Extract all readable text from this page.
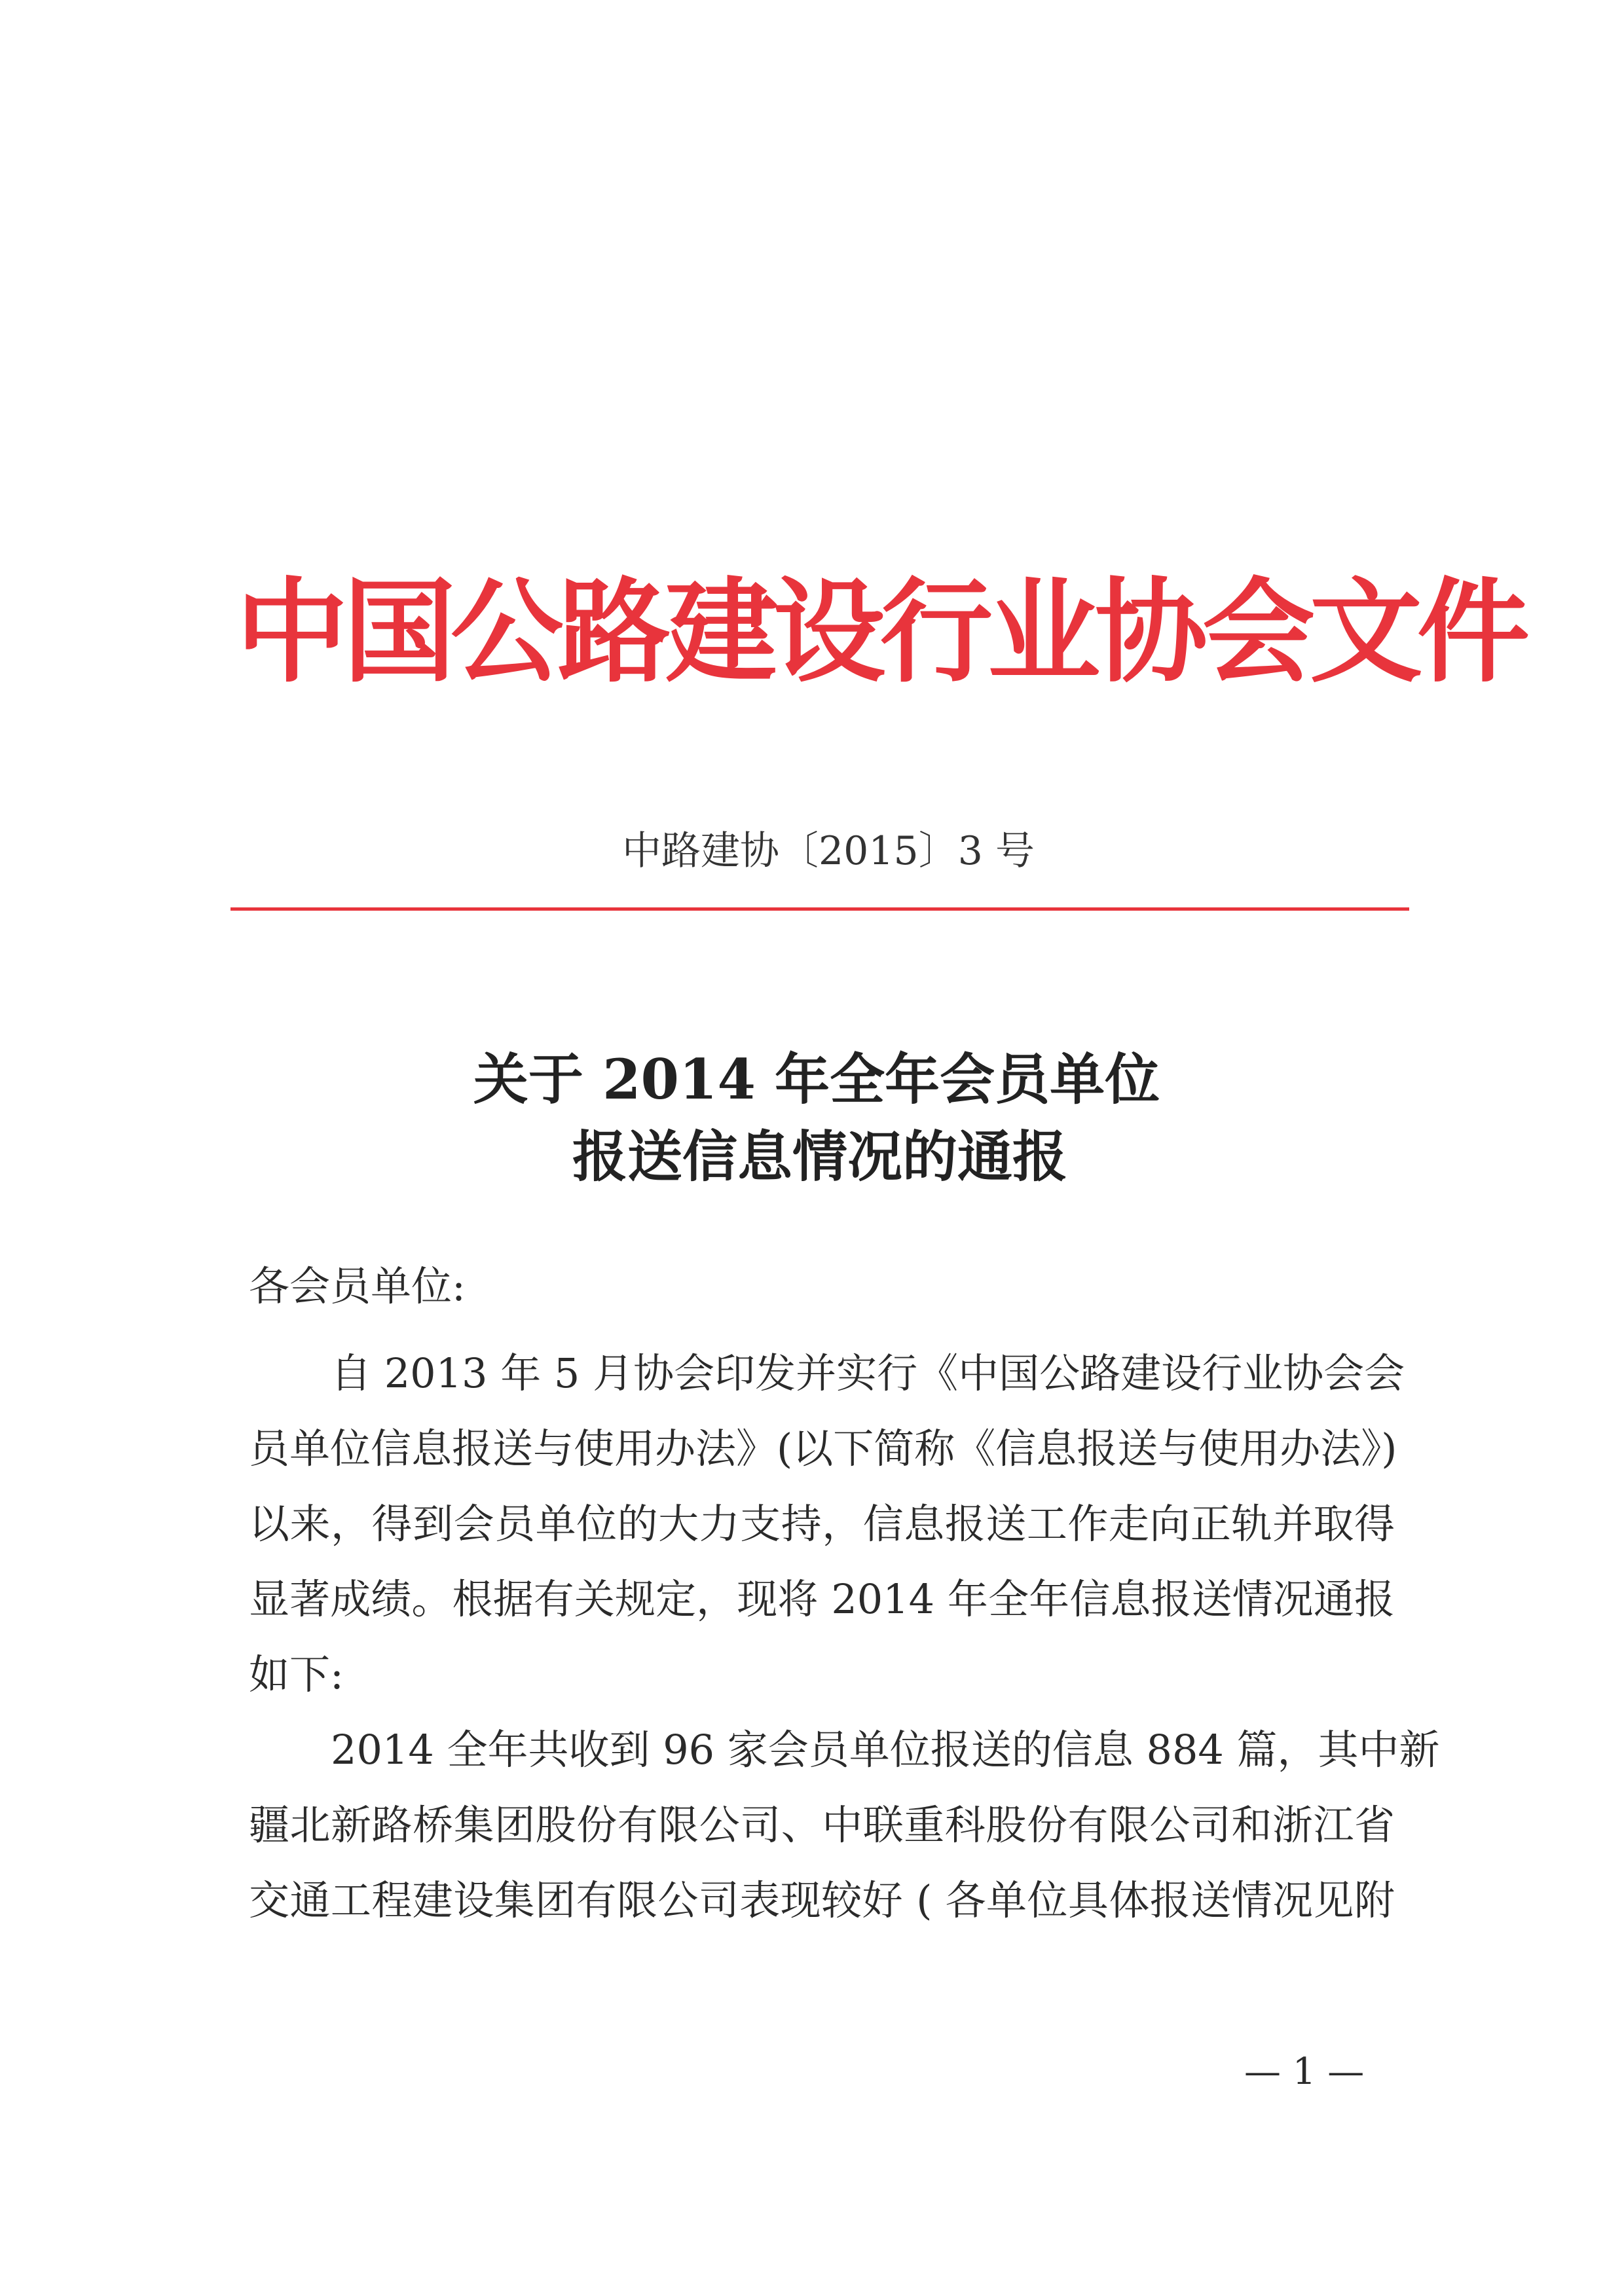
中国公路建设行业协会文件
中路建协〔2015〕3 号
关于 2014 年全年会员单位
报送信息情况的通报
各会员单位:
自 2013 年 5 月协会印发并实行《中国公路建设行业协会会
员单位信息报送与使用办法》(以下简称《信息报送与使用办法》)
以来，得到会员单位的大力支持，信息报送工作走向正轨并取得
显著成绩。根据有关规定，现将 2014 年全年信息报送情况通报
如下:
2014 全年共收到 96 家会员单位报送的信息 884 篇，其中新
疆北新路桥集团股份有限公司、中联重科股份有限公司和浙江省
交通工程建设集团有限公司表现较好 ( 各单位具体报送情况见附
— 1 —
